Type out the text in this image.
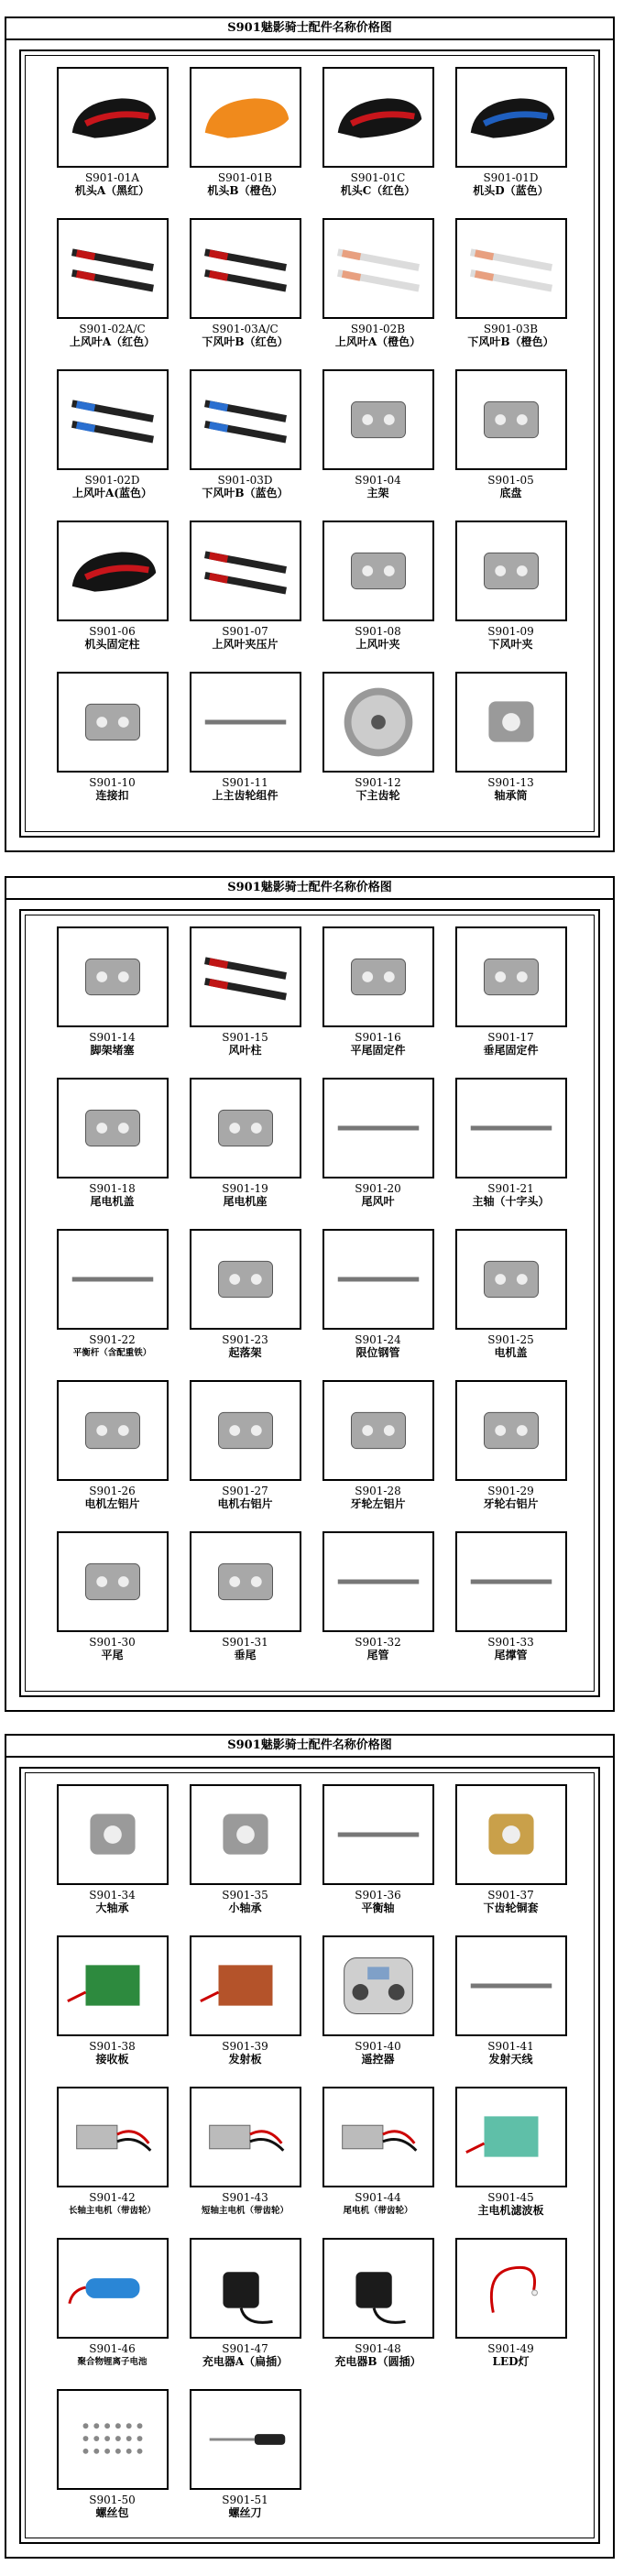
S901魅影骑士配件名称价格图
S901-01A
机头A（黑红）
S901-01B
机头B（橙色）
S901-01C
机头C（红色）
S901-01D
机头D（蓝色）
S901-02A/C
上风叶A（红色）
S901-03A/C
下风叶B（红色）
S901-02B
上风叶A（橙色）
S901-03B
下风叶B（橙色）
S901-02D
上风叶A(蓝色）
S901-03D
下风叶B（蓝色）
S901-04
主架
S901-05
底盘
S901-06
机头固定柱
S901-07
上风叶夹压片
S901-08
上风叶夹
S901-09
下风叶夹
S901-10
连接扣
S901-11
上主齿轮组件
S901-12
下主齿轮
S901-13
轴承筒
S901魅影骑士配件名称价格图
S901-14
脚架堵塞
S901-15
风叶柱
S901-16
平尾固定件
S901-17
垂尾固定件
S901-18
尾电机盖
S901-19
尾电机座
S901-20
尾风叶
S901-21
主轴（十字头）
S901-22
平衡杆（含配重铁）
S901-23
起落架
S901-24
限位钢管
S901-25
电机盖
S901-26
电机左铝片
S901-27
电机右铝片
S901-28
牙轮左铝片
S901-29
牙轮右铝片
S901-30
平尾
S901-31
垂尾
S901-32
尾管
S901-33
尾撑管
S901魅影骑士配件名称价格图
S901-34
大轴承
S901-35
小轴承
S901-36
平衡轴
S901-37
下齿轮铜套
S901-38
接收板
S901-39
发射板
S901-40
遥控器
S901-41
发射天线
S901-42
长轴主电机（带齿轮）
S901-43
短轴主电机（带齿轮）
S901-44
尾电机（带齿轮）
S901-45
主电机滤波板
S901-46
聚合物锂离子电池
S901-47
充电器A（扁插）
S901-48
充电器B（圆插）
S901-49
LED灯
S901-50
螺丝包
S901-51
螺丝刀
